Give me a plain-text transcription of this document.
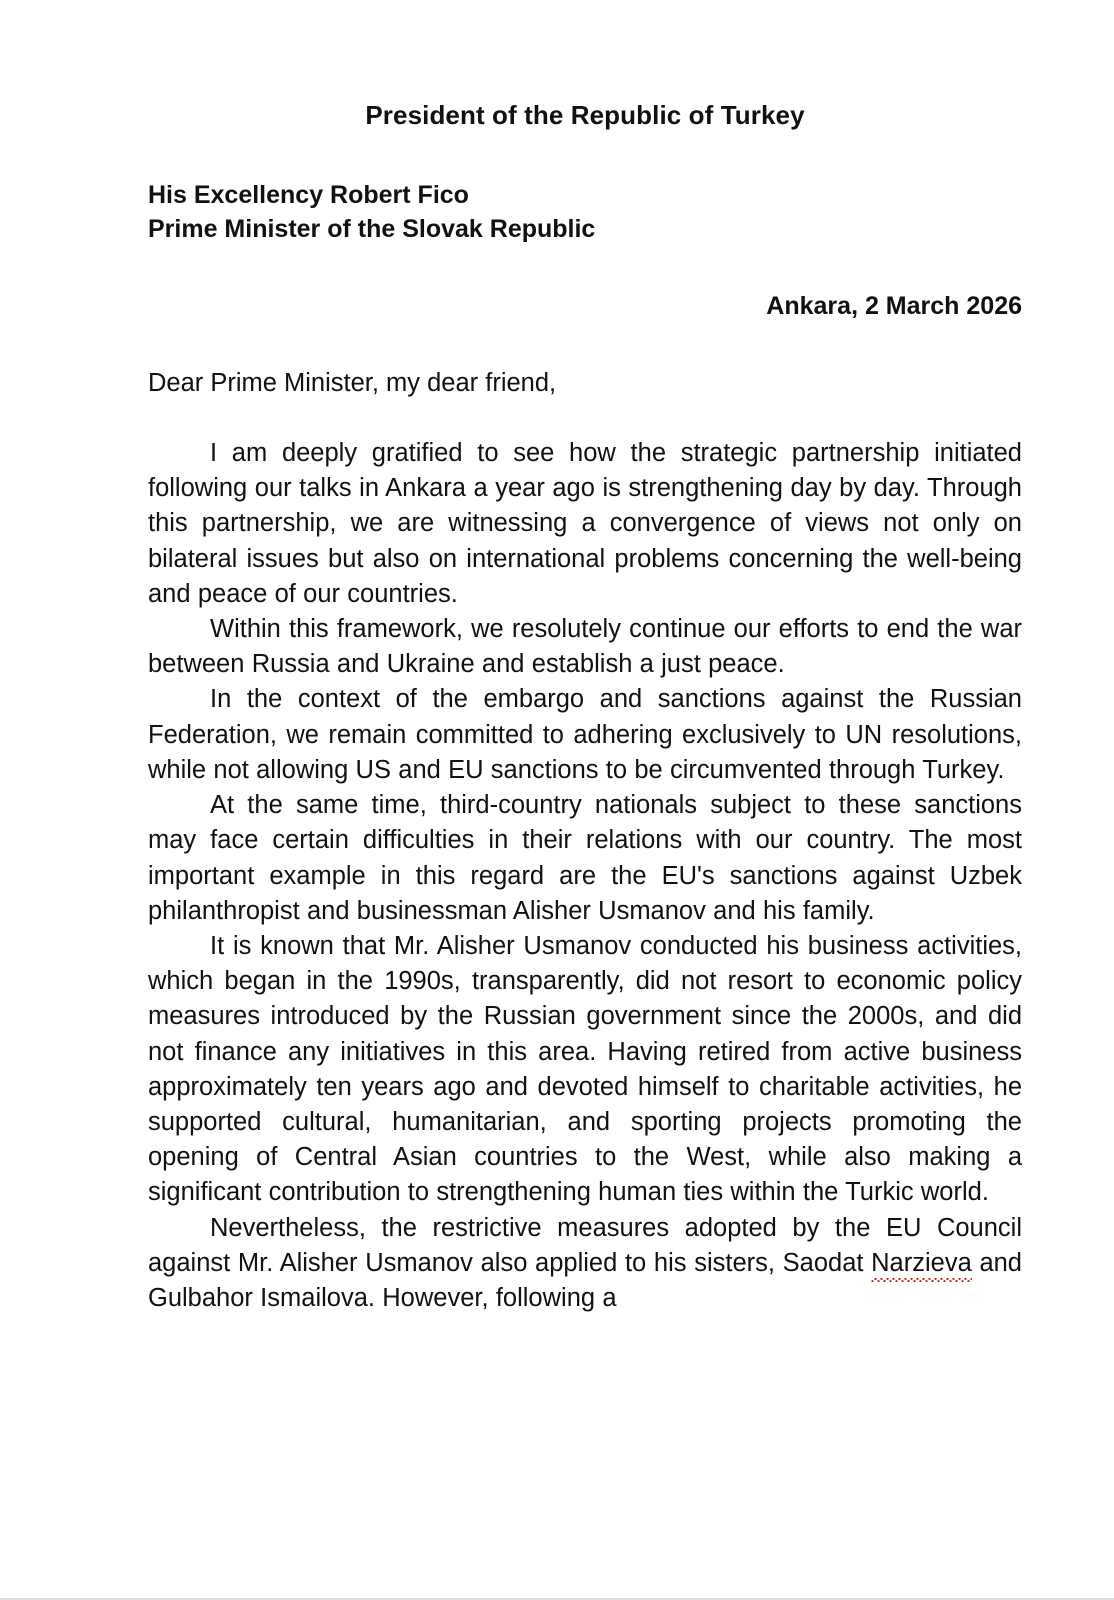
President of the Republic of Turkey
His Excellency Robert Fico
Prime Minister of the Slovak Republic
Ankara, 2 March 2026
Dear Prime Minister, my dear friend,
I am deeply gratified to see how the strategic partnership initiated following our talks in Ankara a year ago is strengthening day by day. Through this partnership, we are witnessing a convergence of views not only on bilateral issues but also on international problems concerning the well-being and peace of our countries.
Within this framework, we resolutely continue our efforts to end the war between Russia and Ukraine and establish a just peace.
In the context of the embargo and sanctions against the Russian Federation, we remain committed to adhering exclusively to UN resolutions, while not allowing US and EU sanctions to be circumvented through Turkey.
At the same time, third-country nationals subject to these sanctions may face certain difficulties in their relations with our country. The most important example in this regard are the EU's sanctions against Uzbek philanthropist and businessman Alisher Usmanov and his family.
It is known that Mr. Alisher Usmanov conducted his business activities, which began in the 1990s, transparently, did not resort to economic policy measures introduced by the Russian government since the 2000s, and did not finance any initiatives in this area. Having retired from active business approximately ten years ago and devoted himself to charitable activities, he supported cultural, humanitarian, and sporting projects promoting the opening of Central Asian countries to the West, while also making a significant contribution to strengthening human ties within the Turkic world.
Nevertheless, the restrictive measures adopted by the EU Council against Mr. Alisher Usmanov also applied to his sisters, Saodat Narzieva and Gulbahor Ismailova. However, following a
